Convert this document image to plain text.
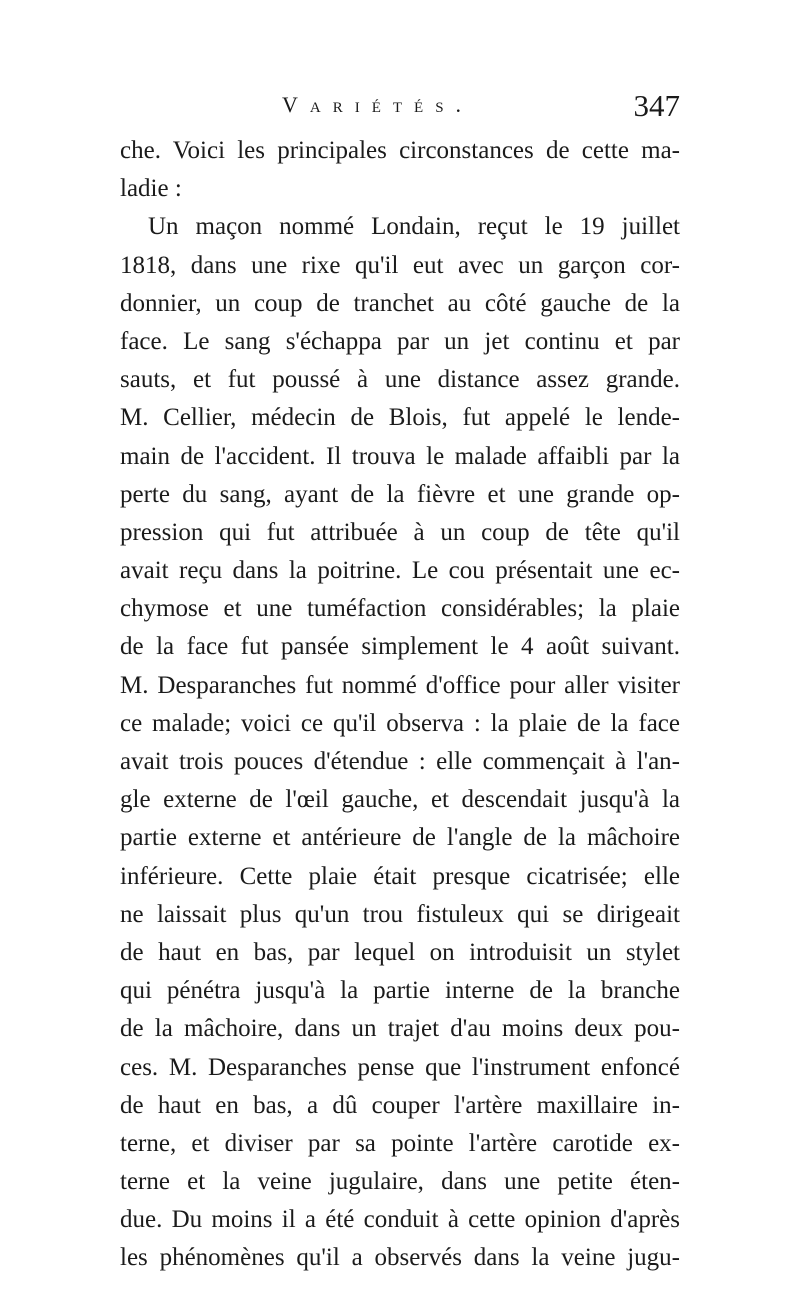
Variétés.	347
che. Voici les principales circonstances de cette ma-
ladie :
Un maçon nommé Londain, reçut le 19 juillet
1818, dans une rixe qu'il eut avec un garçon cor-
donnier, un coup de tranchet au côté gauche de la
face. Le sang s'échappa par un jet continu et par
sauts, et fut poussé à une distance assez grande.
M. Cellier, médecin de Blois, fut appelé le lende-
main de l'accident. Il trouva le malade affaibli par la
perte du sang, ayant de la fièvre et une grande op-
pression qui fut attribuée à un coup de tête qu'il
avait reçu dans la poitrine. Le cou présentait une ec-
chymose et une tuméfaction considérables; la plaie
de la face fut pansée simplement le 4 août suivant.
M. Desparanches fut nommé d'office pour aller visiter
ce malade; voici ce qu'il observa : la plaie de la face
avait trois pouces d'étendue : elle commençait à l'an-
gle externe de l'œil gauche, et descendait jusqu'à la
partie externe et antérieure de l'angle de la mâchoire
inférieure. Cette plaie était presque cicatrisée; elle
ne laissait plus qu'un trou fistuleux qui se dirigeait
de haut en bas, par lequel on introduisit un stylet
qui pénétra jusqu'à la partie interne de la branche
de la mâchoire, dans un trajet d'au moins deux pou-
ces. M. Desparanches pense que l'instrument enfoncé
de haut en bas, a dû couper l'artère maxillaire in-
terne, et diviser par sa pointe l'artère carotide ex-
terne et la veine jugulaire, dans une petite éten-
due. Du moins il a été conduit à cette opinion d'après
les phénomènes qu'il a observés dans la veine jugu-
